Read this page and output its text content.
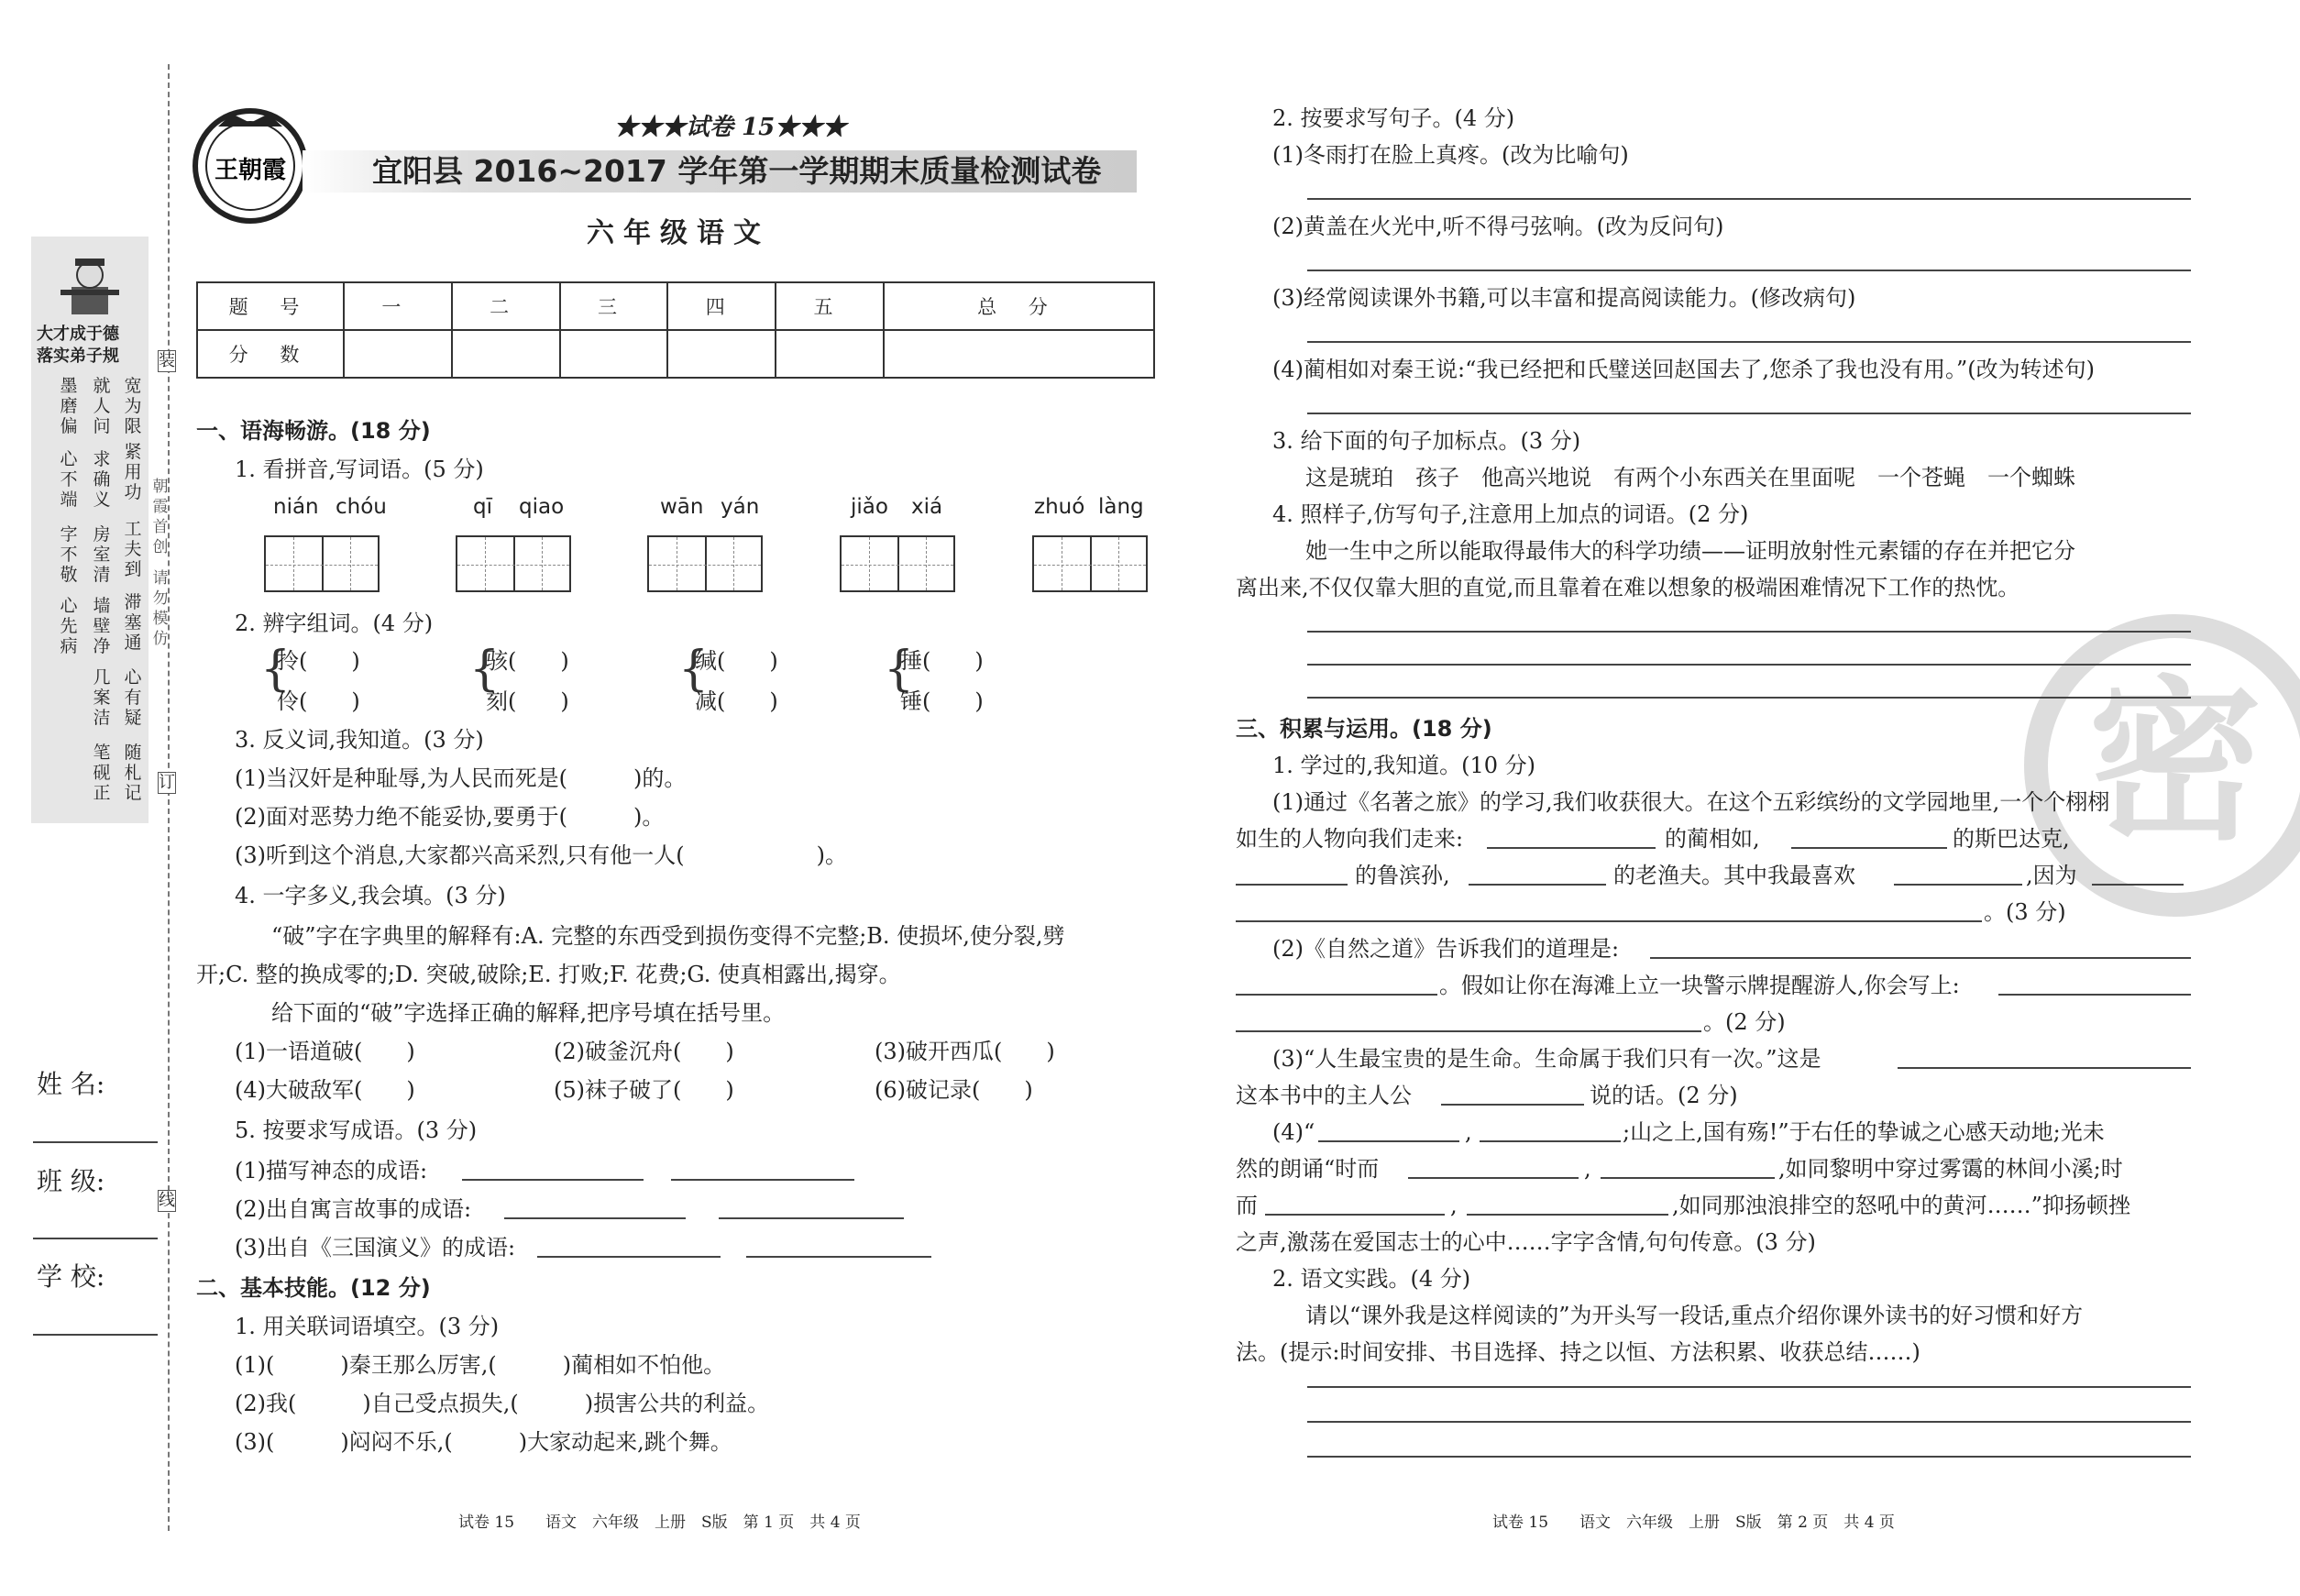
大才成于德
落实弟子规
宽为限
紧用功
工夫到
滞塞通
心有疑
随札记
墨磨偏
心不端
字不敬
心先病
就人问
求确义
房室清
墙壁净
几案洁
笔砚正
朝霞首创
请勿模仿
装
订
线
姓 名:
班 级:
学 校:
王朝霞
★★★试卷 15★★★
宜阳县 2016~2017 学年第一学期期末质量检测试卷
六年级语文
题 号	一	二	三	四	五	总 分
分 数						
一、语海畅游。(18 分)
1. 看拼音,写词语。(5 分)
nián chóu	qī qiao	wān yán	jiǎo xiá	zhuó làng
2. 辨字组词。(4 分)
{
拎(　　)
伶(　　)
{
骇(　　)
刻(　　)
{
缄(　　)
减(　　)
{
捶(　　)
锤(　　)
3. 反义词,我知道。(3 分)
(1)当汉奸是种耻辱,为人民而死是(　　　)的。
(2)面对恶势力绝不能妥协,要勇于(　　　)。
(3)听到这个消息,大家都兴高采烈,只有他一人(　　　　　　)。
4. 一字多义,我会填。(3 分)
“破”字在字典里的解释有:A. 完整的东西受到损伤变得不完整;B. 使损坏,使分裂,劈
开;C. 整的换成零的;D. 突破,破除;E. 打败;F. 花费;G. 使真相露出,揭穿。
给下面的“破”字选择正确的解释,把序号填在括号里。
(1)一语道破(　　)	(2)破釜沉舟(　　)	(3)破开西瓜(　　)
(4)大破敌军(　　)	(5)袜子破了(　　)	(6)破记录(　　)
5. 按要求写成语。(3 分)
(1)描写神态的成语:
(2)出自寓言故事的成语:
(3)出自《三国演义》的成语:
二、基本技能。(12 分)
1. 用关联词语填空。(3 分)
(1)(　　　)秦王那么厉害,(　　　)蔺相如不怕他。
(2)我(　　　)自己受点损失,(　　　)损害公共的利益。
(3)(　　　)闷闷不乐,(　　　)大家动起来,跳个舞。
试卷 15　　语文　六年级　上册　S版　第 1 页　共 4 页
密
2. 按要求写句子。(4 分)
(1)冬雨打在脸上真疼。(改为比喻句)
(2)黄盖在火光中,听不得弓弦响。(改为反问句)
(3)经常阅读课外书籍,可以丰富和提高阅读能力。(修改病句)
(4)蔺相如对秦王说:“我已经把和氏璧送回赵国去了,您杀了我也没有用。”(改为转述句)
3. 给下面的句子加标点。(3 分)
这是琥珀　孩子　他高兴地说　有两个小东西关在里面呢　一个苍蝇　一个蜘蛛
4. 照样子,仿写句子,注意用上加点的词语。(2 分)
她一生中之所以能取得最伟大的科学功绩——证明放射性元素镭的存在并把它分
离出来,不仅仅靠大胆的直觉,而且靠着在难以想象的极端困难情况下工作的热忱。
三、积累与运用。(18 分)
1. 学过的,我知道。(10 分)
(1)通过《名著之旅》的学习,我们收获很大。在这个五彩缤纷的文学园地里,一个个栩栩
如生的人物向我们走来:	的蔺相如,	的斯巴达克,
的鲁滨孙,	的老渔夫。其中我最喜欢	,因为
。(3 分)
(2)《自然之道》告诉我们的道理是:
。假如让你在海滩上立一块警示牌提醒游人,你会写上:
。(2 分)
(3)“人生最宝贵的是生命。生命属于我们只有一次。”这是
这本书中的主人公	说的话。(2 分)
(4)“	,	;山之上,国有殇!”于右任的挚诚之心感天动地;光未
然的朗诵“时而	,	,如同黎明中穿过雾霭的林间小溪;时
而	,	,如同那浊浪排空的怒吼中的黄河……”抑扬顿挫
之声,激荡在爱国志士的心中……字字含情,句句传意。(3 分)
2. 语文实践。(4 分)
请以“课外我是这样阅读的”为开头写一段话,重点介绍你课外读书的好习惯和好方
法。(提示:时间安排、书目选择、持之以恒、方法积累、收获总结……)
试卷 15　　语文　六年级　上册　S版　第 2 页　共 4 页
